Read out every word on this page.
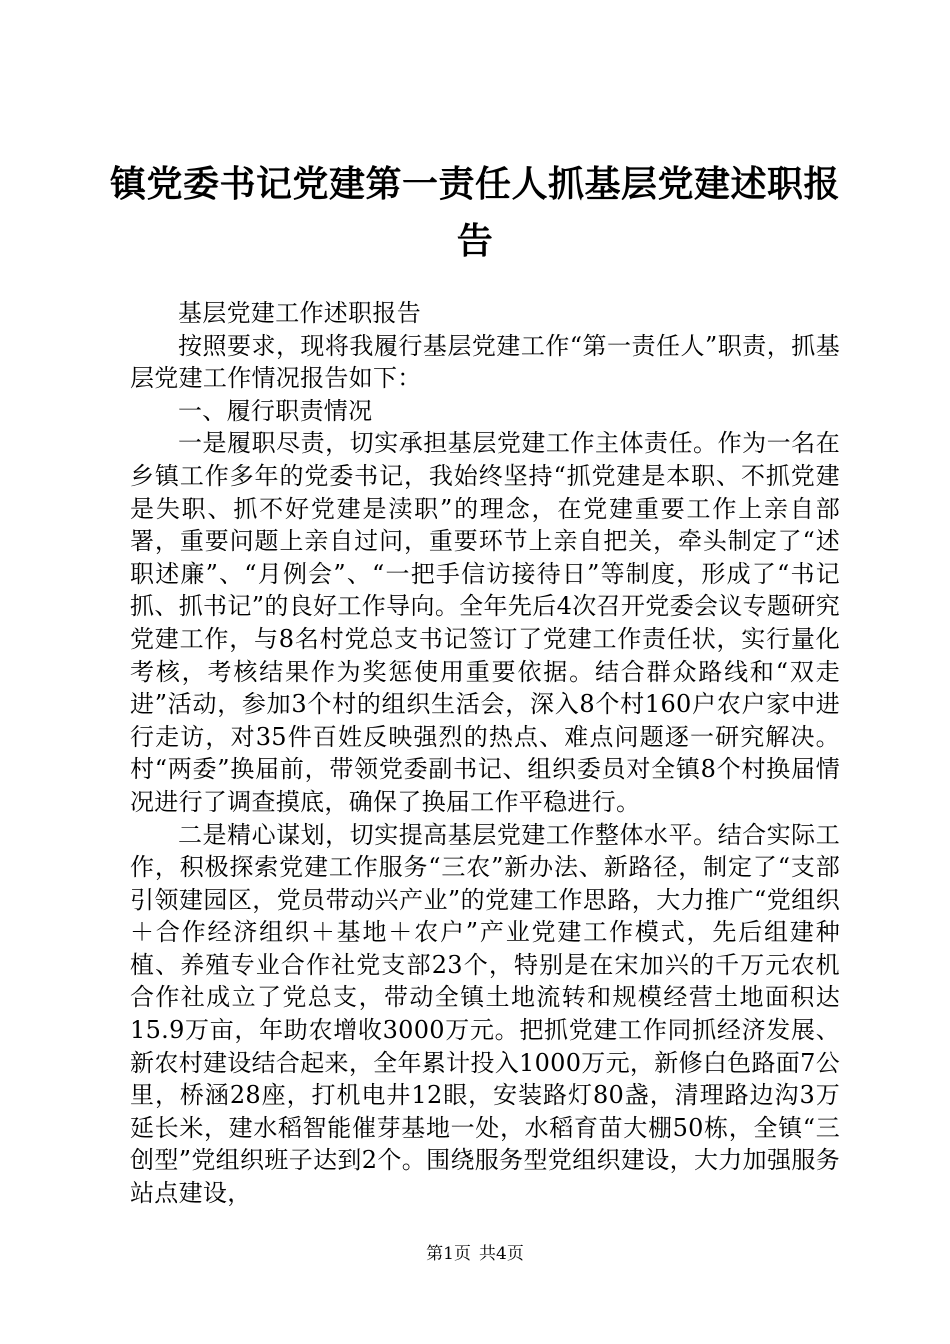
镇党委书记党建第一责任人抓基层党建述职报告

基层党建工作述职报告

按照要求，现将我履行基层党建工作“第一责任人”职责，抓基层党建工作情况报告如下：

一、履行职责情况

一是履职尽责，切实承担基层党建工作主体责任。作为一名在乡镇工作多年的党委书记，我始终坚持“抓党建是本职、不抓党建是失职、抓不好党建是渎职”的理念，在党建重要工作上亲自部署，重要问题上亲自过问，重要环节上亲自把关，牵头制定了“述职述廉”、“月例会”、“一把手信访接待日”等制度，形成了“书记抓、抓书记”的良好工作导向。全年先后4次召开党委会议专题研究党建工作，与8名村党总支书记签订了党建工作责任状，实行量化考核，考核结果作为奖惩使用重要依据。结合群众路线和“双走进”活动，参加3个村的组织生活会，深入8个村160户农户家中进行走访，对35件百姓反映强烈的热点、难点问题逐一研究解决。村“两委”换届前，带领党委副书记、组织委员对全镇8个村换届情况进行了调查摸底，确保了换届工作平稳进行。

二是精心谋划，切实提高基层党建工作整体水平。结合实际工作，积极探索党建工作服务“三农”新办法、新路径，制定了“支部引领建园区，党员带动兴产业”的党建工作思路，大力推广“党组织＋合作经济组织＋基地＋农户”产业党建工作模式，先后组建种植、养殖专业合作社党支部23个，特别是在宋加兴的千万元农机合作社成立了党总支，带动全镇土地流转和规模经营土地面积达15.9万亩，年助农增收3000万元。把抓党建工作同抓经济发展、新农村建设结合起来，全年累计投入1000万元，新修白色路面7公里，桥涵28座，打机电井12眼，安装路灯80盏，清理路边沟3万延长米，建水稻智能催芽基地一处，水稻育苗大棚50栋，全镇“三创型”党组织班子达到2个。围绕服务型党组织建设，大力加强服务站点建设，

第1页 共4页
